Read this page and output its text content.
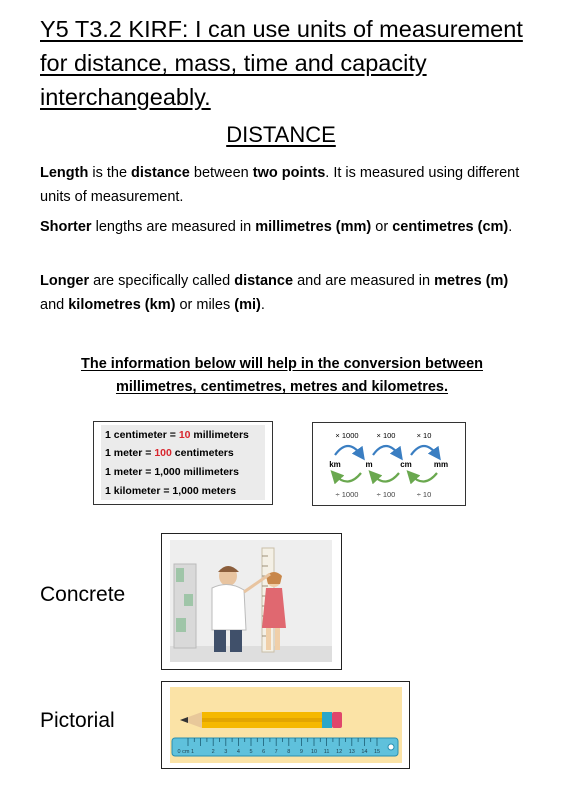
Y5 T3.2 KIRF: I can use units of measurement for distance, mass, time and capacity interchangeably.
DISTANCE

Length is the distance between two points. It is measured using different units of measurement.

Shorter lengths are measured in millimetres (mm) or centimetres (cm).

Longer are specifically called distance and are measured in metres (m) and kilometres (km) or miles (mi).

The information below will help in the conversion between millimetres, centimetres, metres and kilometres.

1 centimeter = 10 millimeters
1 meter = 100 centimeters
1 meter = 1,000 millimeters
1 kilometer = 1,000 meters
× 1000 × 100	× 10
km	m	cm	mm
÷ 1000 ÷ 100	÷ 10

Concrete

Pictorial

0 cm 1	2 3 4 5 6 7 8 9 10 11 12 13 14 15
